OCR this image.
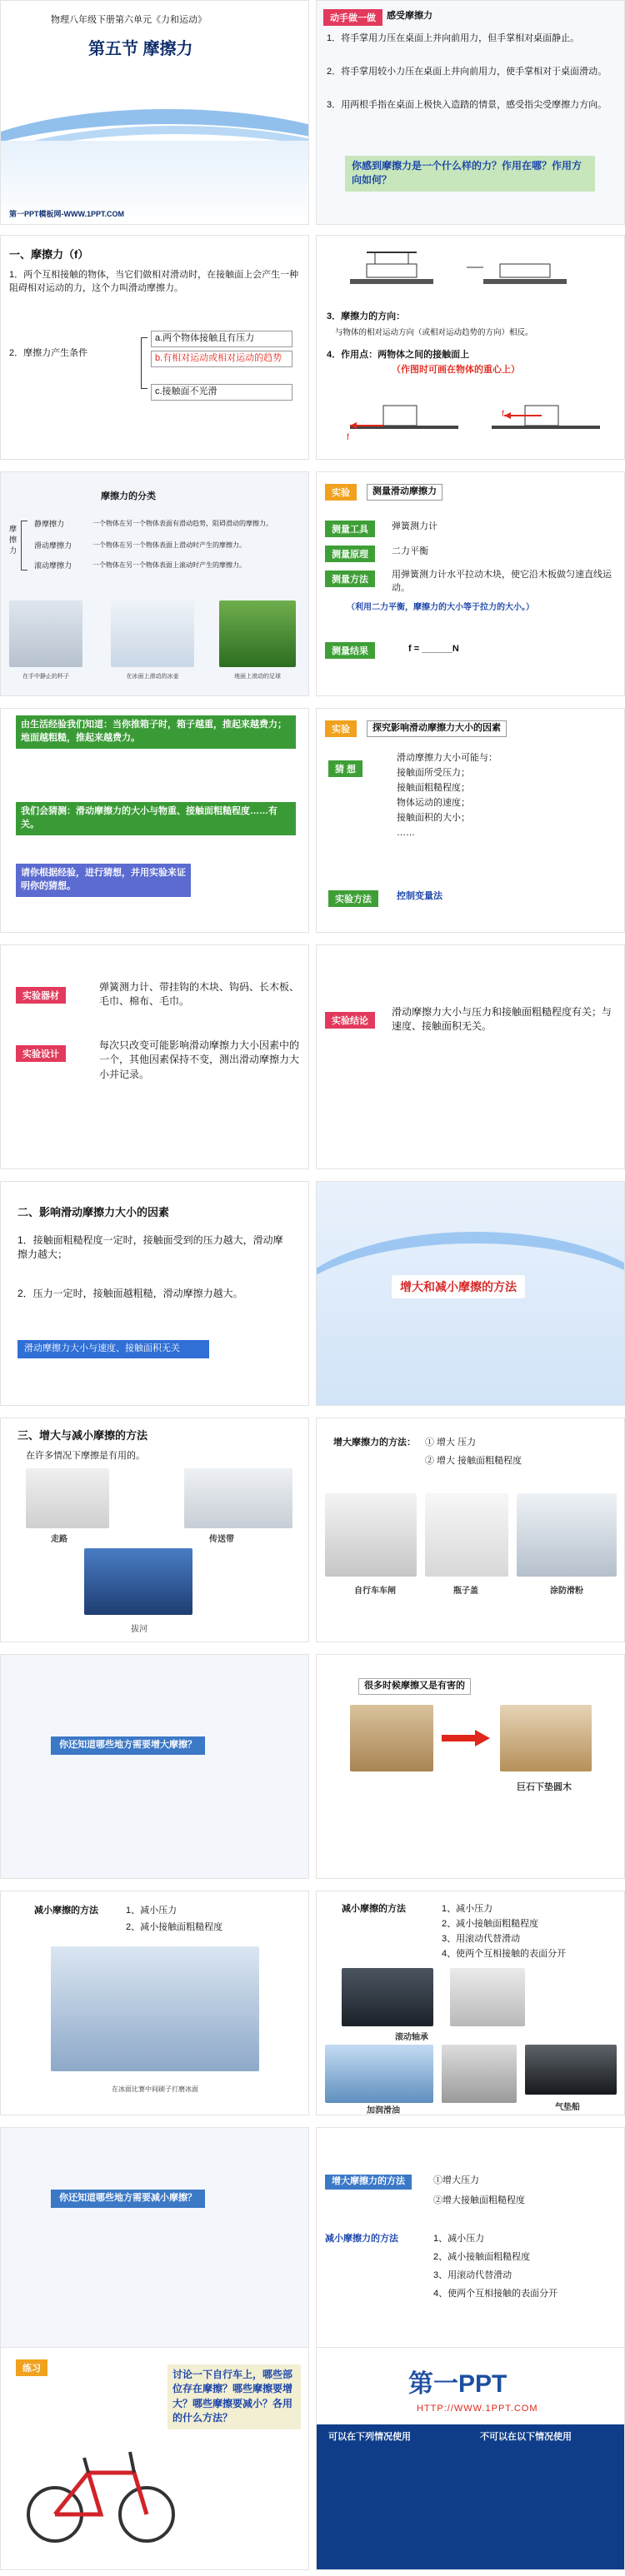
物理八年级下册第六单元《力和运动》
第五节 摩擦力
第一PPT模板网-WWW.1PPT.COM
动手做一做	感受摩擦力
1．将手掌用力压在桌面上并向前用力，但手掌相对桌面静止。
2．将手掌用较小力压在桌面上并向前用力，使手掌相对于桌面滑动。
3．用两根手指在桌面上极快入造踏的情景，感受指尖受摩擦力方向。
你感到摩擦力是一个什么样的力？作用在哪？作用方向如何？
一、摩擦力（f）
1．两个互相接触的物体，当它们做相对滑动时，在接触面上会产生一种阻碍相对运动的力，这个力叫滑动摩擦力。
2．摩擦力产生条件
a.两个物体接触且有压力
b.有相对运动或相对运动的趋势
c.接触面不光滑
3．摩擦力的方向：
与物体的相对运动方向（或相对运动趋势的方向）相反。
4．作用点：两物体之间的接触面上
（作图时可画在物体的重心上）
f
f
摩擦力的分类
摩擦力
静摩擦力	一个物体在另一个物体表面有滑动趋势，阻碍滑动的摩擦力。
滑动摩擦力	一个物体在另一个物体表面上滑动时产生的摩擦力。
滚动摩擦力	一个物体在另一个物体表面上滚动时产生的摩擦力。
在手中静止的杯子	在冰面上滑动的冰壶	地面上滚动的足球
实验	测量滑动摩擦力
测量工具	弹簧测力计
测量原理	二力平衡
测量方法	用弹簧测力计水平拉动木块，使它沿木板做匀速直线运动。
（利用二力平衡，摩擦力的大小等于拉力的大小。）
测量结果	f = ______N
由生活经验我们知道：当你推箱子时，箱子越重，推起来越费力；地面越粗糙，推起来越费力。
我们会猜测：滑动摩擦力的大小与物重、接触面粗糙程度……有关。
请你根据经验，进行猜想，并用实验来证明你的猜想。
实验	探究影响滑动摩擦力大小的因素
猜 想
滑动摩擦力大小可能与：
接触面所受压力；
接触面粗糙程度；
物体运动的速度；
接触面积的大小；
……
实验方法	控制变量法
实验器材
弹簧测力计、带挂钩的木块、钩码、长木板、毛巾、棉布、毛巾。
实验设计
每次只改变可能影响滑动摩擦力大小因素中的一个，其他因素保持不变，测出滑动摩擦力大小并记录。
实验结论
滑动摩擦力大小与压力和接触面粗糙程度有关；与速度、接触面积无关。
二、影响滑动摩擦力大小的因素
1．接触面粗糙程度一定时，接触面受到的压力越大，滑动摩擦力越大；
2．压力一定时，接触面越粗糙，滑动摩擦力越大。
滑动摩擦力大小与速度、接触面积无关
增大和减小摩擦的方法
三、增大与减小摩擦的方法
在许多情况下摩擦是有用的。
走路	传送带
拔河
增大摩擦力的方法： ① 增大 压力
② 增大 接触面粗糙程度
自行车车闸	瓶子盖	涂防滑粉
你还知道哪些地方需要增大摩擦？
很多时候摩擦又是有害的
巨石下垫圆木
减小摩擦的方法	1、减小压力
2、减小接触面粗糙程度
在冰面比赛中间刷子打磨冰面
减小摩擦的方法	1、减小压力
2、减小接触面粗糙程度
3、用滚动代替滑动
4、使两个互相接触的表面分开
滚动轴承
加润滑油	气垫船
你还知道哪些地方需要减小摩擦？
增大摩擦力的方法	①增大压力
②增大接触面粗糙程度
减小摩擦力的方法	1、减小压力
2、减小接触面粗糙程度
3、用滚动代替滑动
4、使两个互相接触的表面分开
练习	讨论一下自行车上，哪些部位存在摩擦？哪些摩擦要增大？哪些摩擦要减小？各用的什么方法？
第一PPT
HTTP://WWW.1PPT.COM
可以在下列情况使用	不可以在以下情况使用
